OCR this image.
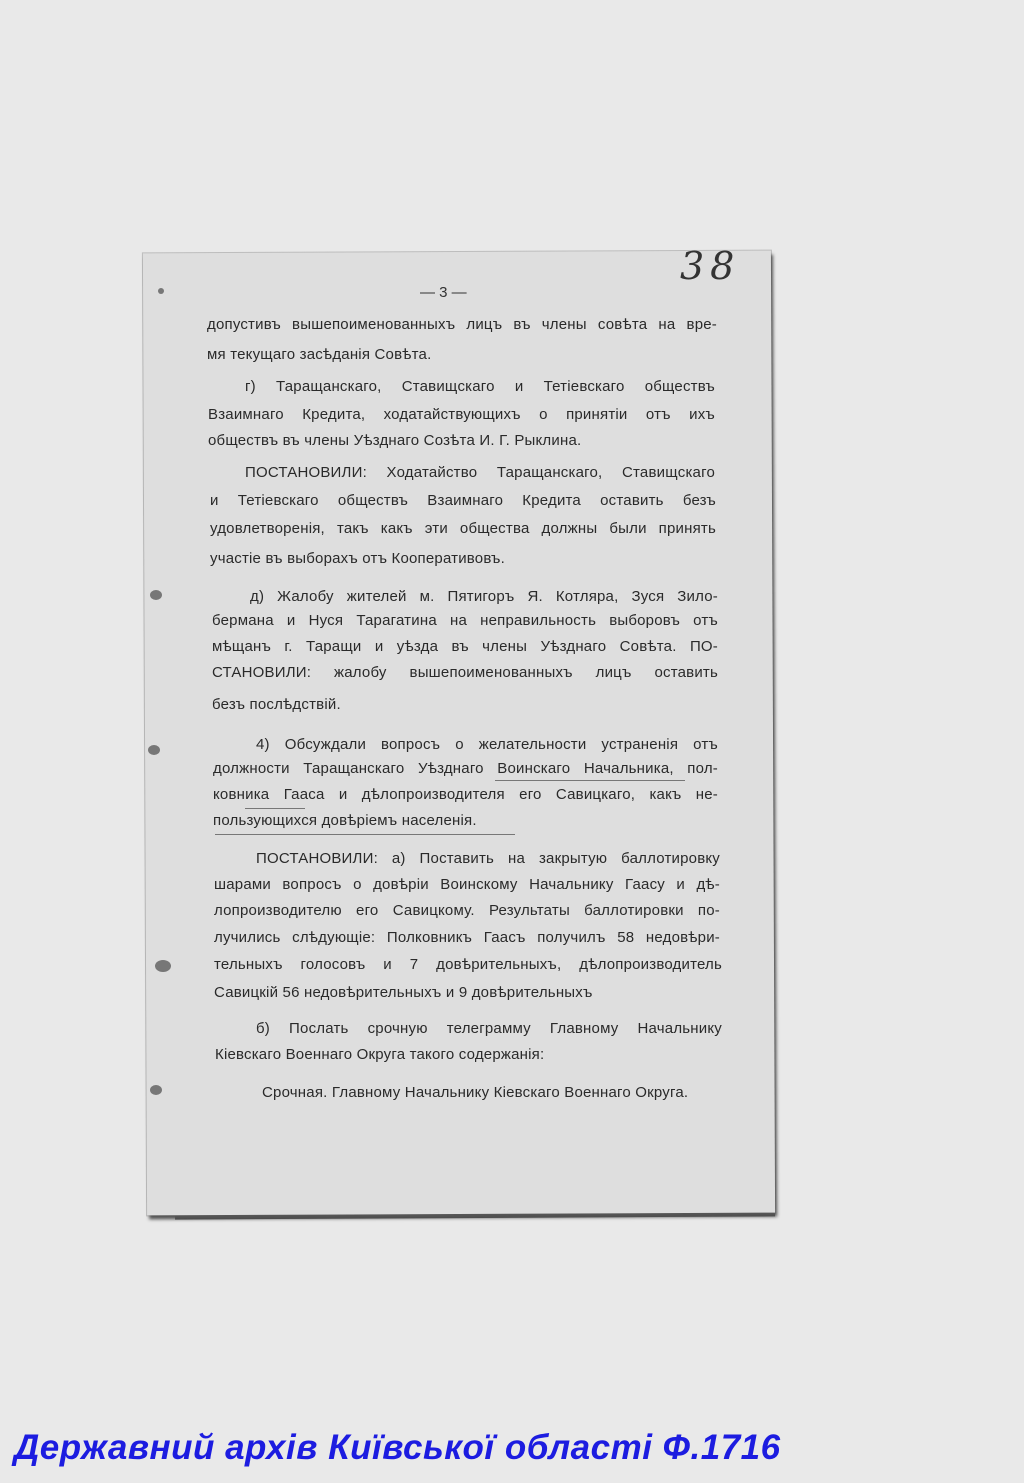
38
— 3 —
допустивъ вышепоименованныхъ лицъ въ члены совѣта на вре-
мя текущаго засѣданія Совѣта.
г) Таращанскаго, Ставищскаго и Тетіевскаго обществъ
Взаимнаго Кредита, ходатайствующихъ о принятіи отъ ихъ
обществъ въ члены Уѣзднаго Созѣта И. Г. Рыклина.
ПОСТАНОВИЛИ: Ходатайство Таращанскаго, Ставищскаго
и Тетіевскаго обществъ Взаимнаго Кредита оставить безъ
удовлетворенія, такъ какъ эти общества должны были принять
участіе въ выборахъ отъ Кооперативовъ.
д) Жалобу жителей м. Пятигоръ Я. Котляра, Зуся Зило-
бермана и Нуся Тарагатина на неправильность выборовъ отъ
мѣщанъ г. Таращи и уѣзда въ члены Уѣзднаго Совѣта. ПО-
СТАНОВИЛИ: жалобу вышепоименованныхъ лицъ оставить
безъ послѣдствій.
4) Обсуждали вопросъ о желательности устраненія отъ
должности Таращанскаго Уѣзднаго Воинскаго Начальника, пол-
ковника Гааса и дѣлопроизводителя его Савицкаго, какъ не-
пользующихся довѣріемъ населенія.
ПОСТАНОВИЛИ: а) Поставить на закрытую баллотировку
шарами вопросъ о довѣріи Воинскому Начальнику Гаасу и дѣ-
лопроизводителю его Савицкому. Результаты баллотировки по-
лучились слѣдующіе: Полковникъ Гаасъ получилъ 58 недовѣри-
тельныхъ голосовъ и 7 довѣрительныхъ, дѣлопроизводитель
Савицкій 56 недовѣрительныхъ и 9 довѣрительныхъ
б) Послать срочную телеграмму Главному Начальнику
Кіевскаго Военнаго Округа такого содержанія:
Срочная. Главному Начальнику Кіевскаго Военнаго Округа.
Державний архів Київської області Ф.1716
